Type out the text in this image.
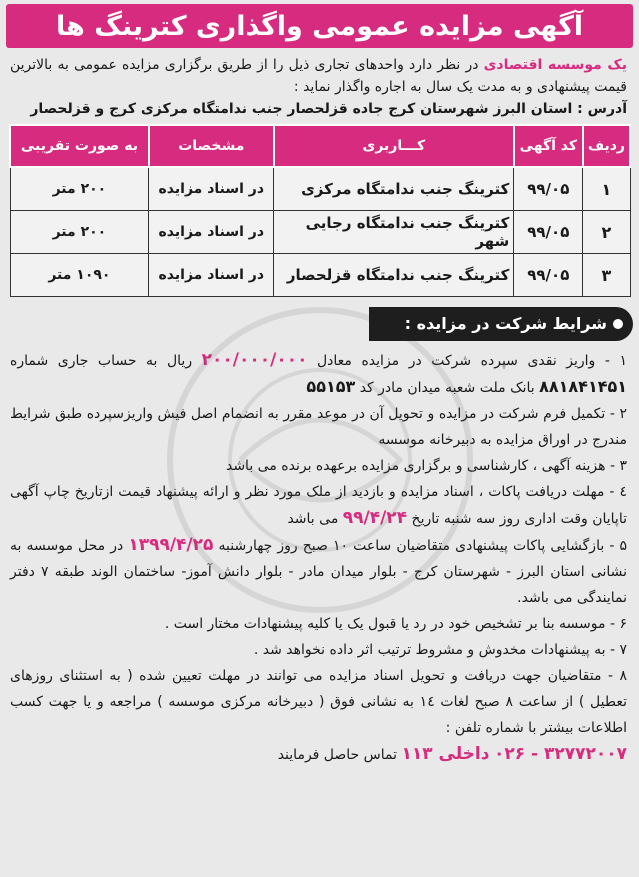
آگهی مزایده عمومی واگذاری کترینگ ها
یک موسسه اقتصادی در نظر دارد واحدهای تجاری ذیل را از طریق برگزاری مزایده عمومی به بالاترین قیمت پیشنهادی و به مدت یک سال به اجاره واگذار نماید :
آدرس : استان البرز شهرستان کرج جاده قزلحصار جنب ندامتگاه مرکزی کرج و قزلحصار
ردیف	کد آگهی	کـــاربری	مشخصات	به صورت تقریبی
۱	۹۹/۰۵	کترینگ جنب ندامتگاه مرکزی	در اسناد مزایده	۲۰۰ متر
۲	۹۹/۰۵	کترینگ جنب ندامتگاه رجایی شهر	در اسناد مزایده	۲۰۰ متر
۳	۹۹/۰۵	کترینگ جنب ندامتگاه قزلحصار	در اسناد مزایده	۱۰۹۰ متر
شرایط شرکت در مزایده :

۱ - واریز نقدی سپرده شرکت در مزایده معادل ۲۰۰/۰۰۰/۰۰۰ ریال به حساب جاری شماره ۸۸۱۸۴۱۴۵۱ بانک ملت شعبه میدان مادر کد ۵۵۱۵۳

۲ - تکمیل فرم شرکت در مزایده و تحویل آن در موعد مقرر به انضمام اصل فیش واریزسپرده طبق شرایط مندرج در اوراق مزایده به دبیرخانه موسسه

۳ - هزینه آگهی ، کارشناسی و برگزاری مزایده برعهده برنده می باشد

٤ - مهلت دریافت پاکات ، اسناد مزایده و بازدید از ملک مورد نظر و ارائه پیشنهاد قیمت ازتاریخ چاپ آگهی تاپایان وقت اداری روز سه شنبه تاریخ ۹۹/۴/۲۴ می باشد

۵ - بازگشایی پاکات پیشنهادی متقاضیان ساعت ۱۰ صبح روز چهارشنبه ۱۳۹۹/۴/۲۵ در محل موسسه به نشانی استان البرز - شهرستان کرج - بلوار میدان مادر - بلوار دانش آموز- ساختمان الوند طبقه ۷ دفتر نمایندگی می باشد.

۶ - موسسه بنا بر تشخیص خود در رد یا قبول یک یا کلیه پیشنهادات مختار است .

۷ - به پیشنهادات مخدوش و مشروط ترتیب اثر داده نخواهد شد .

۸ - متقاضیان جهت دریافت و تحویل اسناد مزایده می توانند در مهلت تعیین شده ( به استثنای روزهای تعطیل ) از ساعت ۸ صبح لغات ۱٤ به نشانی فوق ( دبیرخانه مرکزی موسسه ) مراجعه و یا جهت کسب اطلاعات بیشتر با شماره تلفن :
۳۲۷۷۲۰۰۷ - ۰۲۶ داخلی ۱۱۳ تماس حاصل فرمایند
